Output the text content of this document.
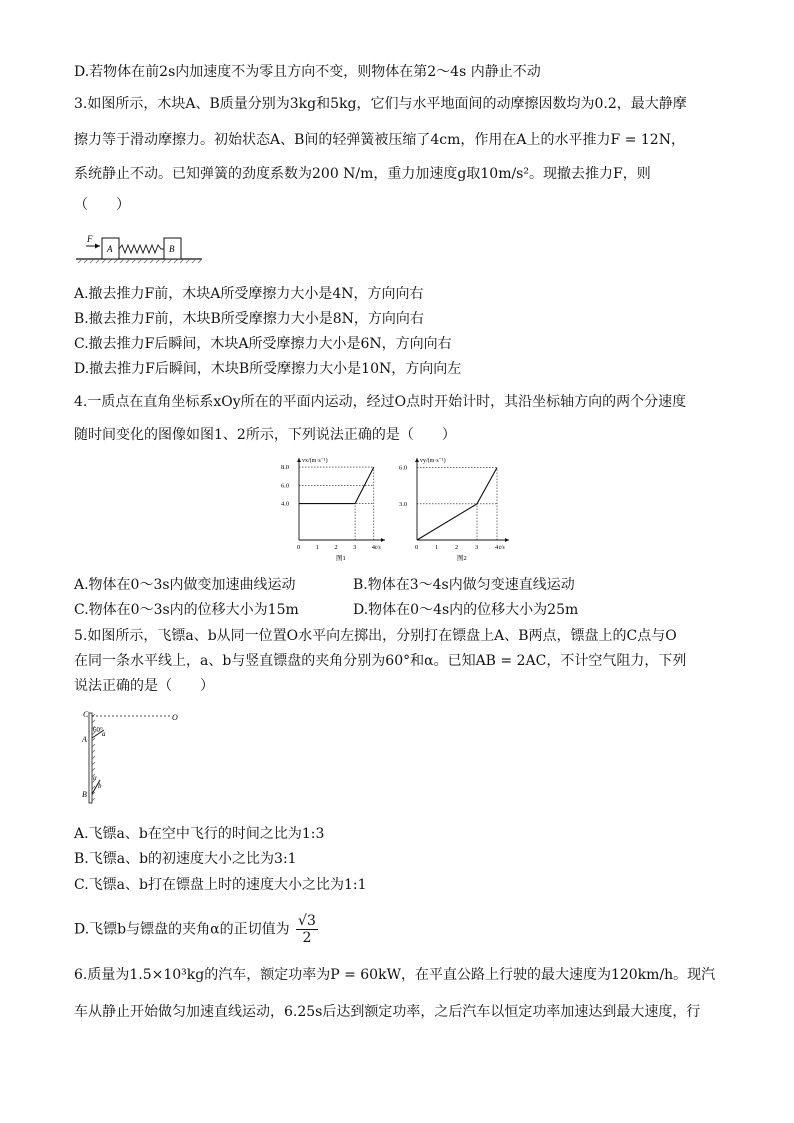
D.若物体在前2s内加速度不为零且方向不变，则物体在第2～4s 内静止不动
3.如图所示，木块A、B质量分别为3kg和5kg，它们与水平地面间的动摩擦因数均为0.2，最大静摩
擦力等于滑动摩擦力。初始状态A、B间的轻弹簧被压缩了4cm，作用在A上的水平推力F = 12N，
系统静止不动。已知弹簧的劲度系数为200 N/m，重力加速度g取10m/s²。现撤去推力F，则
（　　）
F
A	B
A.撤去推力F前，木块A所受摩擦力大小是4N，方向向右
B.撤去推力F前，木块B所受摩擦力大小是8N，方向向右
C.撤去推力F后瞬间，木块A所受摩擦力大小是6N，方向向右
D.撤去推力F后瞬间，木块B所受摩擦力大小是10N，方向向左
4.一质点在直角坐标系xOy所在的平面内运动，经过O点时开始计时，其沿坐标轴方向的两个分速度
随时间变化的图像如图1、2所示，下列说法正确的是（　　）
vx/(m·s⁻¹)
t/s
0 1 2 3 4
4.0
6.0
8.0
图1
vy/(m·s⁻¹)
t/s
0	1	2	3	4
3.0
6.0
图2
A.物体在0～3s内做变加速曲线运动	B.物体在3～4s内做匀变速直线运动
C.物体在0～3s内的位移大小为15m	D.物体在0～4s内的位移大小为25m
5.如图所示，飞镖a、b从同一位置O水平向左掷出，分别打在镖盘上A、B两点，镖盘上的C点与O
在同一条水平线上，a、b与竖直镖盘的夹角分别为60°和α。已知AB = 2AC，不计空气阻力，下列
说法正确的是（　　）
C	O
A
60° a
α
b
B
A.飞镖a、b在空中飞行的时间之比为1:3
B.飞镖a、b的初速度大小之比为3:1
C.飞镖a、b打在镖盘上时的速度大小之比为1:1
D.飞镖b与镖盘的夹角α的正切值为 $\frac{√3}{2}$
6.质量为1.5×10³kg的汽车，额定功率为P = 60kW，在平直公路上行驶的最大速度为120km/h。现汽
车从静止开始做匀加速直线运动，6.25s后达到额定功率，之后汽车以恒定功率加速达到最大速度，行
